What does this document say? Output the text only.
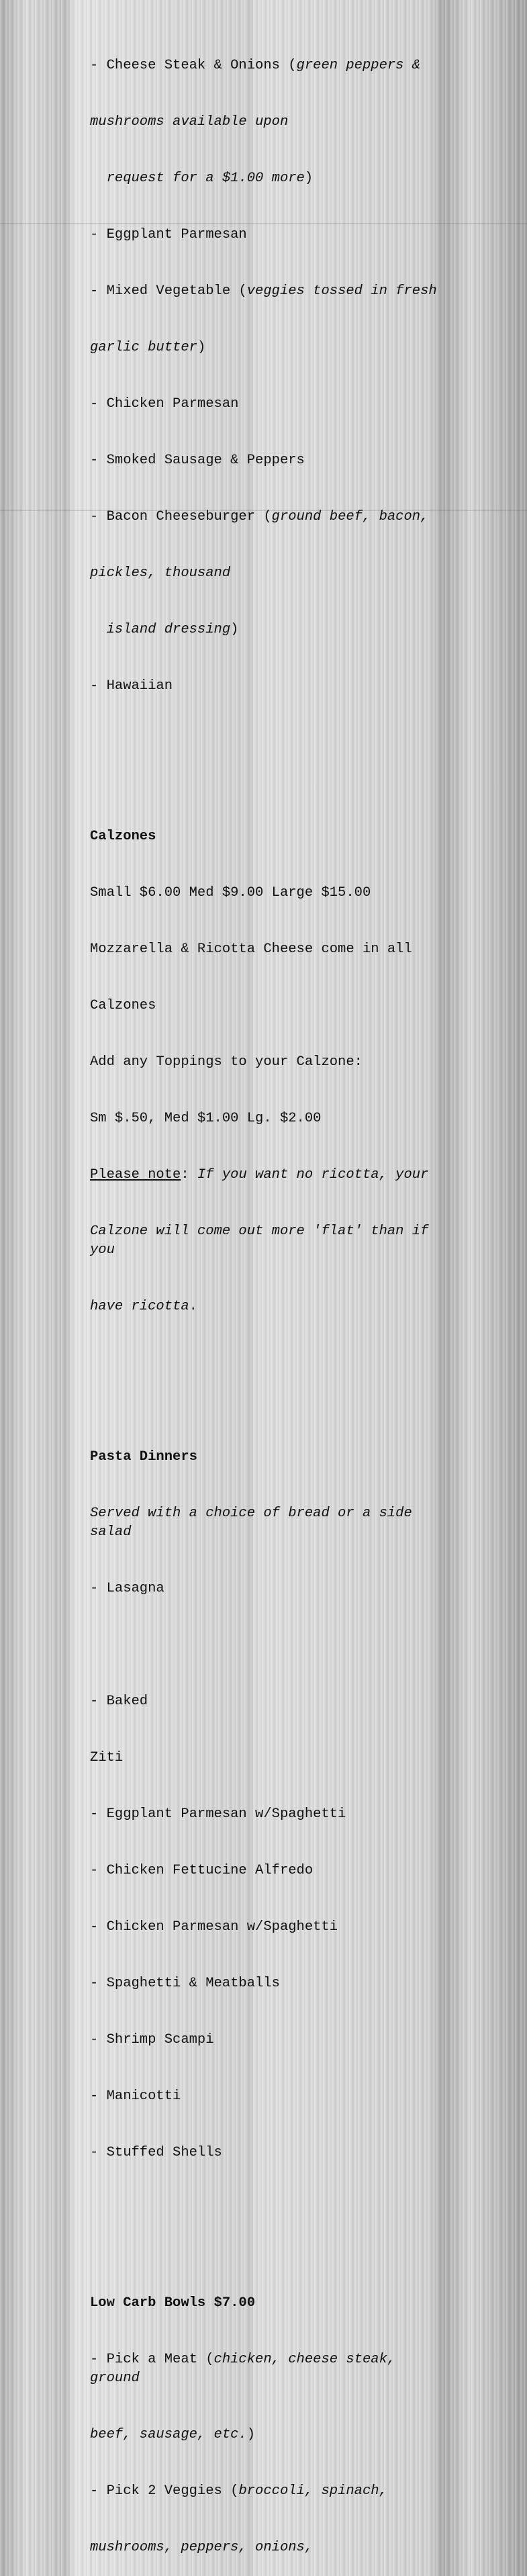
- Cheese Steak & Onions (green peppers &

mushrooms available upon

request for a $1.00 more)

- Eggplant Parmesan

- Mixed Vegetable (veggies tossed in fresh

garlic butter)

- Chicken Parmesan

- Smoked Sausage & Peppers

- Bacon Cheeseburger (ground beef, bacon,

pickles, thousand

island dressing)

- Hawaiian

Calzones

Small $6.00 Med $9.00 Large $15.00

Mozzarella & Ricotta Cheese come in all

Calzones

Add any Toppings to your Calzone:

Sm $.50, Med $1.00 Lg. $2.00

Please note: If you want no ricotta, your

Calzone will come out more 'flat' than if you

have ricotta.

Pasta Dinners

Served with a choice of bread or a side salad

- Lasagna

- Baked

Ziti

- Eggplant Parmesan w/Spaghetti

- Chicken Fettucine Alfredo

- Chicken Parmesan w/Spaghetti

- Spaghetti & Meatballs

- Shrimp Scampi

- Manicotti

- Stuffed Shells

Low Carb Bowls $7.00

- Pick a Meat (chicken, cheese steak, ground

beef, sausage, etc.)

- Pick 2 Veggies (broccoli, spinach,

mushrooms, peppers, onions,
